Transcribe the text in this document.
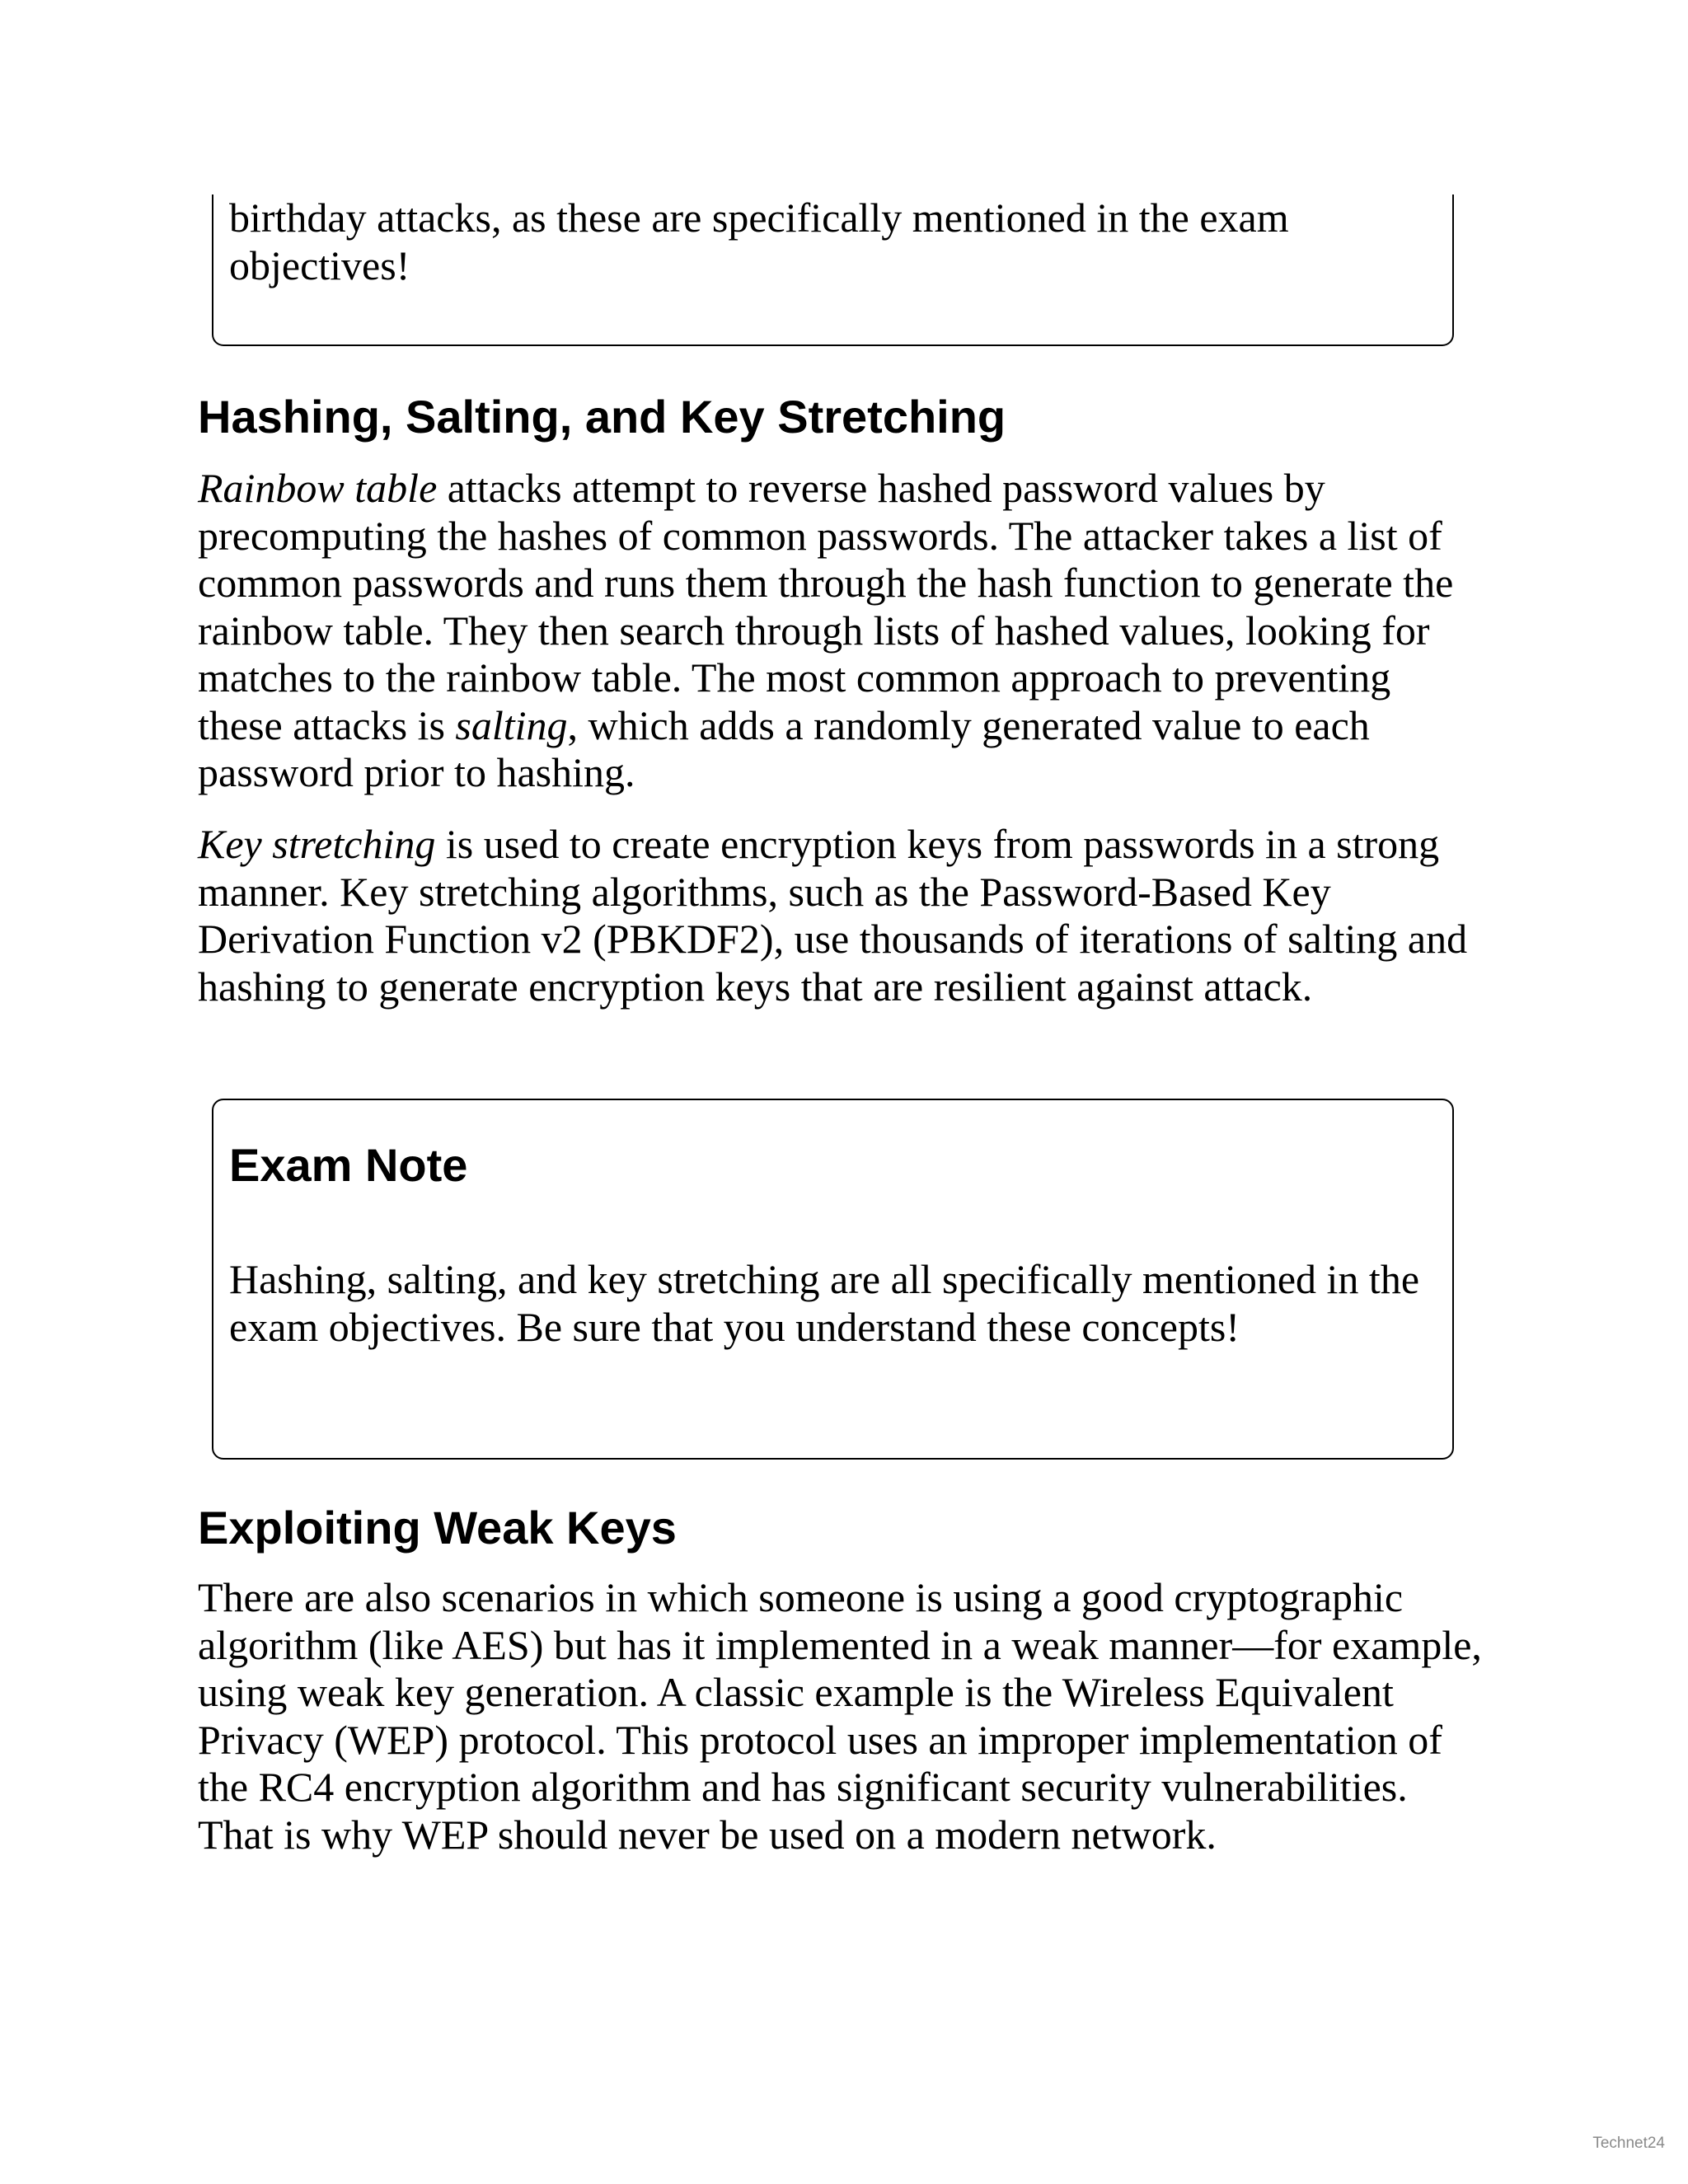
birthday attacks, as these are specifically mentioned in the exam objectives!

Hashing, Salting, and Key Stretching

Rainbow table attacks attempt to reverse hashed password values by precomputing the hashes of common passwords. The attacker takes a list of common passwords and runs them through the hash function to generate the rainbow table. They then search through lists of hashed values, looking for matches to the rainbow table. The most common approach to preventing these attacks is salting, which adds a randomly generated value to each password prior to hashing.

Key stretching is used to create encryption keys from passwords in a strong manner. Key stretching algorithms, such as the Password-Based Key Derivation Function v2 (PBKDF2), use thousands of iterations of salting and hashing to generate encryption keys that are resilient against attack.

Exam Note

Hashing, salting, and key stretching are all specifically mentioned in the exam objectives. Be sure that you understand these concepts!

Exploiting Weak Keys

There are also scenarios in which someone is using a good cryptographic algorithm (like AES) but has it implemented in a weak manner—for example, using weak key generation. A classic example is the Wireless Equivalent Privacy (WEP) protocol. This protocol uses an improper implementation of the RC4 encryption algorithm and has significant security vulnerabilities. That is why WEP should never be used on a modern network.

Technet24
